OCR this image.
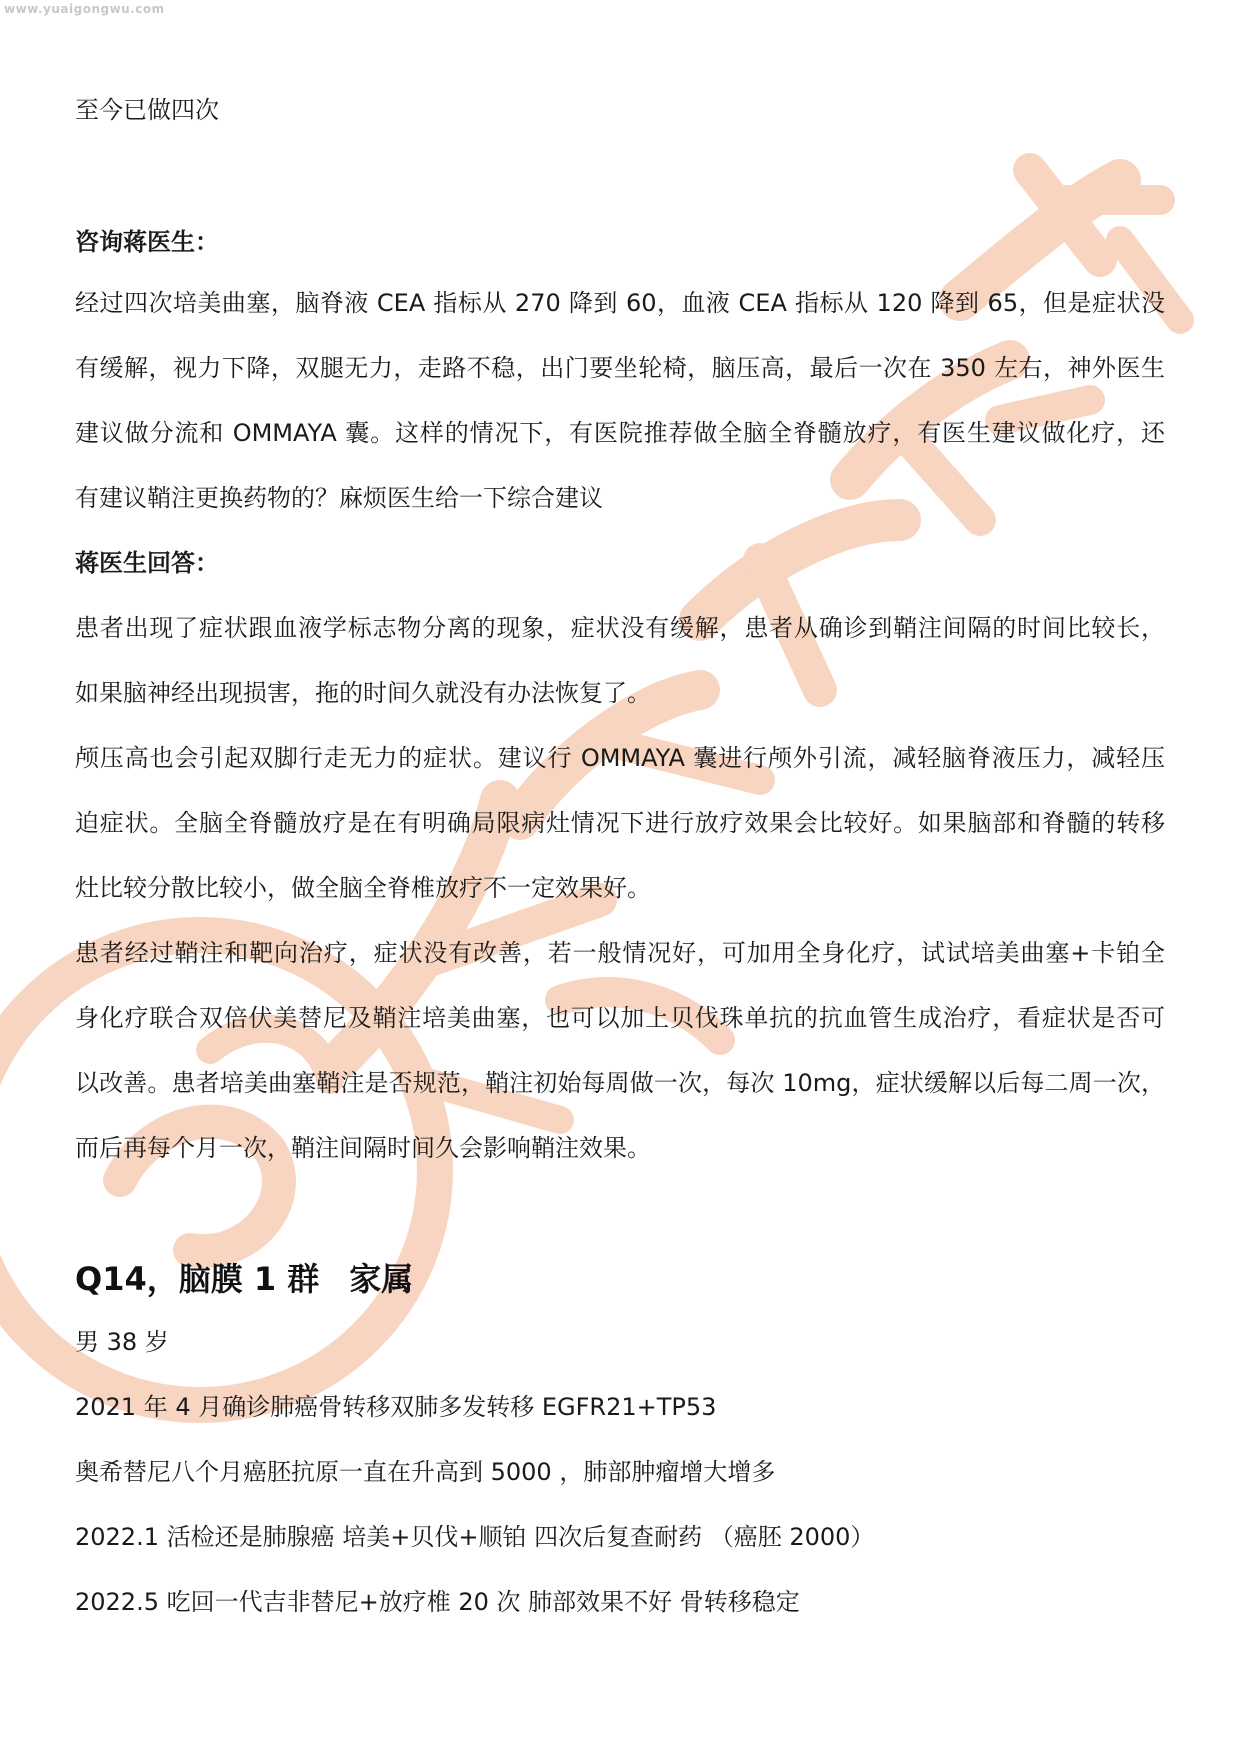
www.yuaigongwu.com
至今已做四次
咨询蒋医生：
经过四次培美曲塞，脑脊液 CEA 指标从 270 降到 60，血液 CEA 指标从 120 降到 65，但是症状没
有缓解，视力下降，双腿无力，走路不稳，出门要坐轮椅，脑压高，最后一次在 350 左右，神外医生
建议做分流和 OMMAYA 囊。这样的情况下，有医院推荐做全脑全脊髓放疗，有医生建议做化疗，还
有建议鞘注更换药物的？麻烦医生给一下综合建议
蒋医生回答：
患者出现了症状跟血液学标志物分离的现象，症状没有缓解，患者从确诊到鞘注间隔的时间比较长，
如果脑神经出现损害，拖的时间久就没有办法恢复了。
颅压高也会引起双脚行走无力的症状。建议行 OMMAYA 囊进行颅外引流，减轻脑脊液压力，减轻压
迫症状。全脑全脊髓放疗是在有明确局限病灶情况下进行放疗效果会比较好。如果脑部和脊髓的转移
灶比较分散比较小，做全脑全脊椎放疗不一定效果好。
患者经过鞘注和靶向治疗，症状没有改善，若一般情况好，可加用全身化疗，试试培美曲塞+卡铂全
身化疗联合双倍伏美替尼及鞘注培美曲塞，也可以加上贝伐珠单抗的抗血管生成治疗，看症状是否可
以改善。患者培美曲塞鞘注是否规范，鞘注初始每周做一次，每次 10mg，症状缓解以后每二周一次，
而后再每个月一次，鞘注间隔时间久会影响鞘注效果。
Q14，脑膜 1 群 家属
男 38 岁
2021 年 4 月确诊肺癌骨转移双肺多发转移 EGFR21+TP53
奥希替尼八个月癌胚抗原一直在升高到 5000 ，肺部肿瘤增大增多
2022.1 活检还是肺腺癌 培美+贝伐+顺铂 四次后复查耐药 （癌胚 2000）
2022.5 吃回一代吉非替尼+放疗椎 20 次 肺部效果不好 骨转移稳定
